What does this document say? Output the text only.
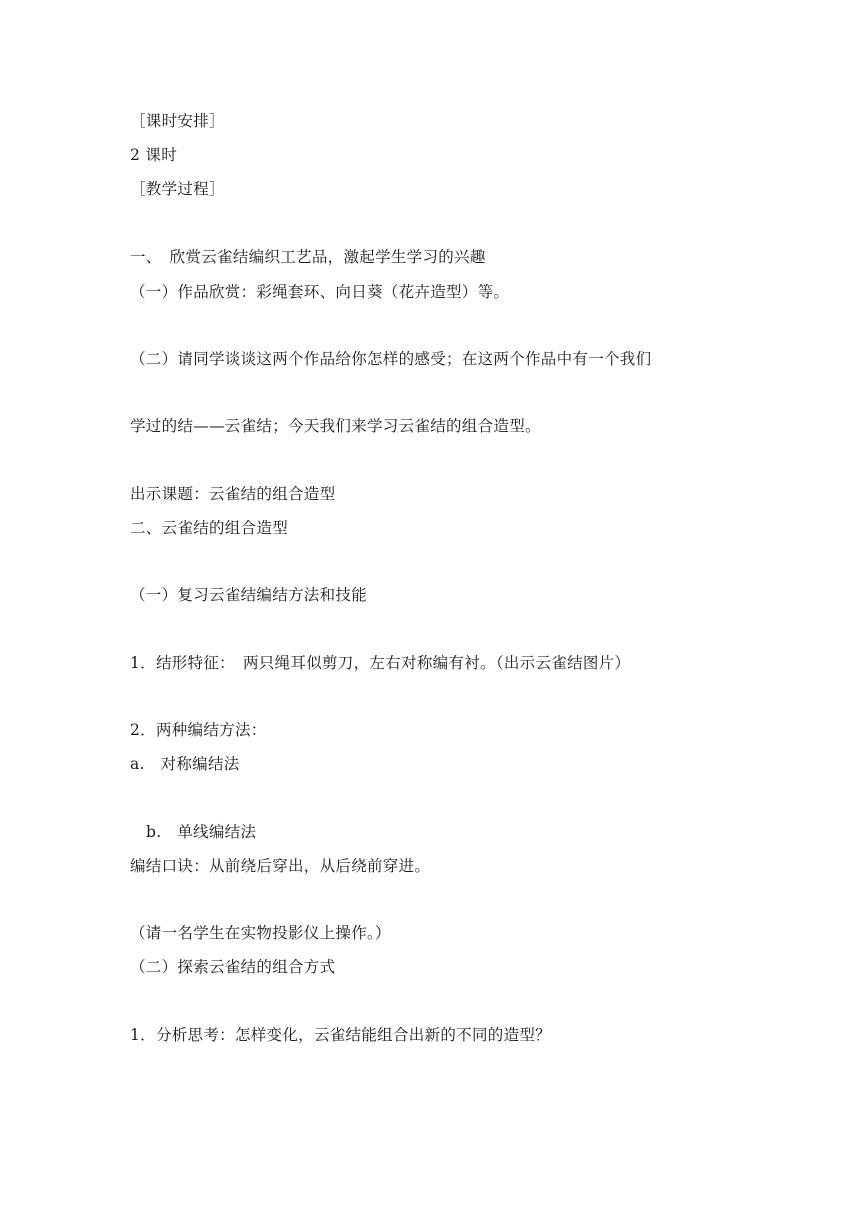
［课时安排］
2 课时
［教学过程］
一、　欣赏云雀结编织工艺品，激起学生学习的兴趣
（一）作品欣赏：彩绳套环、向日葵（花卉造型）等。
（二）请同学谈谈这两个作品给你怎样的感受；在这两个作品中有一个我们
学过的结——云雀结；今天我们来学习云雀结的组合造型。
出示课题：云雀结的组合造型
二、云雀结的组合造型
（一）复习云雀结编结方法和技能
1．结形特征：　两只绳耳似剪刀，左右对称编有衬。（出示云雀结图片）
2．两种编结方法：
a.　对称编结法
b.　单线编结法
编结口诀：从前绕后穿出，从后绕前穿进。
（请一名学生在实物投影仪上操作。）
（二）探索云雀结的组合方式
1．分析思考：怎样变化，云雀结能组合出新的不同的造型？
